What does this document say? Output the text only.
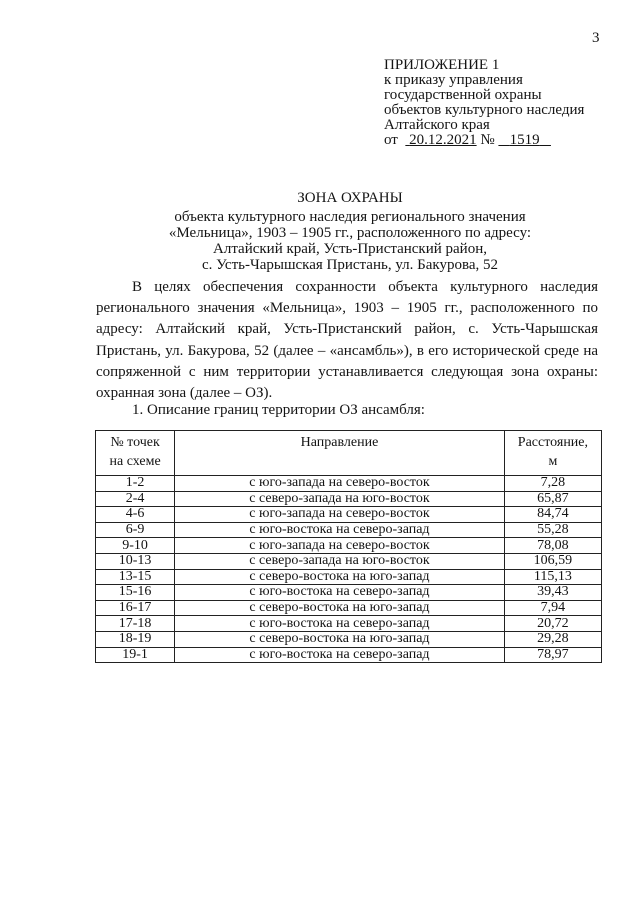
3
ПРИЛОЖЕНИЕ 1
к приказу управления
государственной охраны
объектов культурного наследия
Алтайского края
от 20.12.2021 № 1519
ЗОНА ОХРАНЫ
объекта культурного наследия регионального значения
«Мельница», 1903 – 1905 гг., расположенного по адресу:
Алтайский край, Усть-Пристанский район,
с. Усть-Чарышская Пристань, ул. Бакурова, 52

В целях обеспечения сохранности объекта культурного наследия регионального значения «Мельница», 1903 – 1905 гг., расположенного по адресу: Алтайский край, Усть-Пристанский район, с. Усть-Чарышская Пристань, ул. Бакурова, 52 (далее – «ансамбль»), в его исторической среде на сопряженной с ним территории устанавливается следующая зона охраны: охранная зона (далее – ОЗ).

1. Описание границ территории ОЗ ансамбля:
№ точек
на схеме	Направление	Расстояние,
м
1-2	с юго-запада на северо-восток	7,28
2-4	с северо-запада на юго-восток	65,87
4-6	с юго-запада на северо-восток	84,74
6-9	с юго-востока на северо-запад	55,28
9-10	с юго-запада на северо-восток	78,08
10-13	с северо-запада на юго-восток	106,59
13-15	с северо-востока на юго-запад	115,13
15-16	с юго-востока на северо-запад	39,43
16-17	с северо-востока на юго-запад	7,94
17-18	с юго-востока на северо-запад	20,72
18-19	с северо-востока на юго-запад	29,28
19-1	с юго-востока на северо-запад	78,97
